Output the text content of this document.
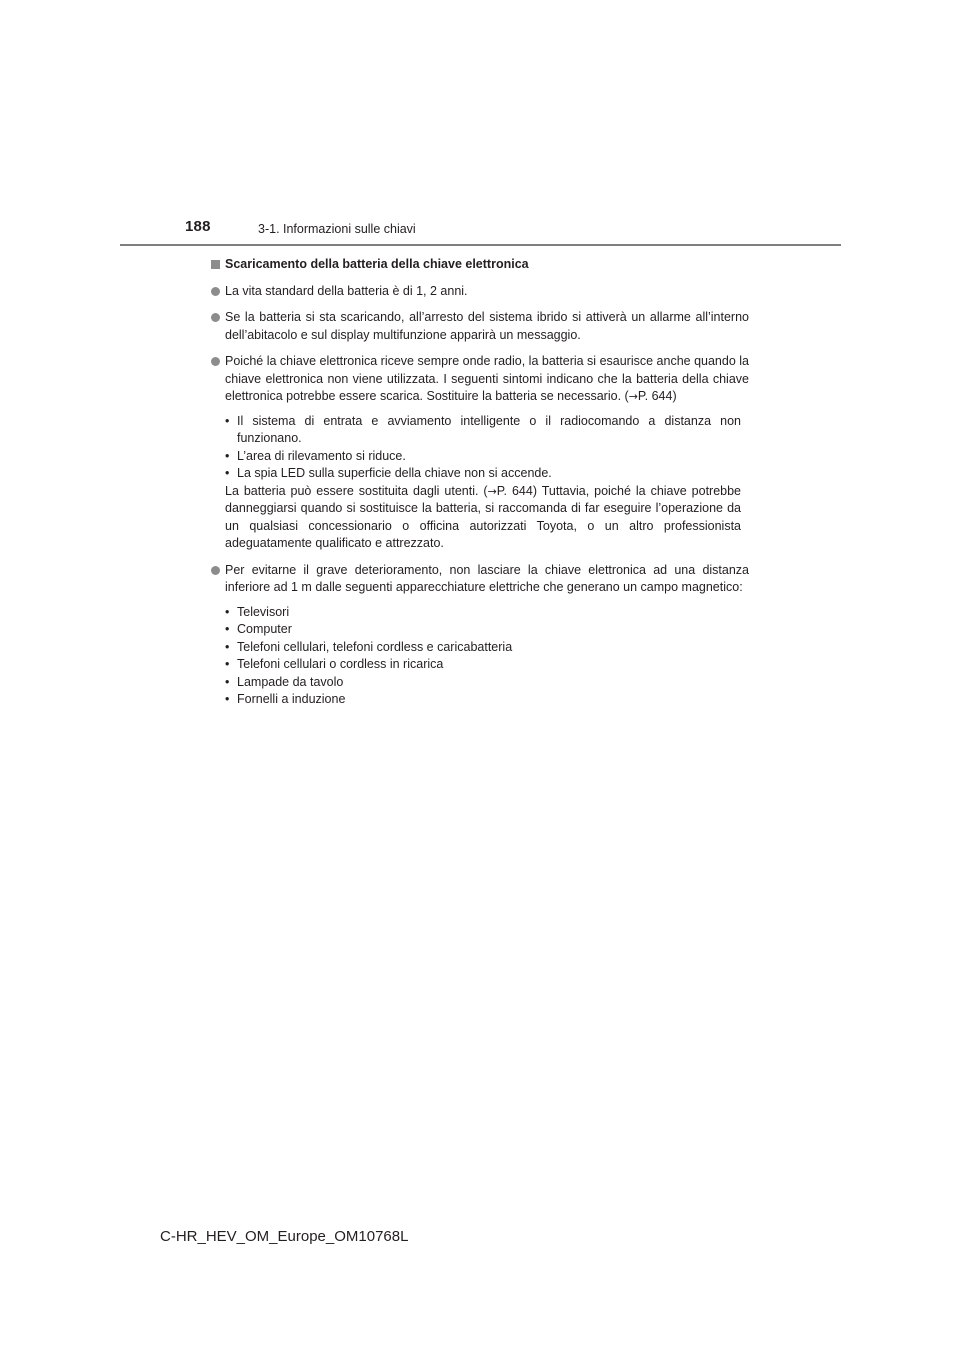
188	3-1. Informazioni sulle chiavi
Scaricamento della batteria della chiave elettronica
La vita standard della batteria è di 1, 2 anni.
Se la batteria si sta scaricando, all’arresto del sistema ibrido si attiverà un allarme all’interno dell’abitacolo e sul display multifunzione apparirà un messaggio.
Poiché la chiave elettronica riceve sempre onde radio, la batteria si esaurisce anche quando la chiave elettronica non viene utilizzata. I seguenti sintomi indicano che la batteria della chiave elettronica potrebbe essere scarica. Sostituire la batteria se necessario. (→P. 644)
• Il sistema di entrata e avviamento intelligente o il radiocomando a distanza non funzionano.
• L’area di rilevamento si riduce.
• La spia LED sulla superficie della chiave non si accende.
La batteria può essere sostituita dagli utenti. (→P. 644) Tuttavia, poiché la chiave potrebbe danneggiarsi quando si sostituisce la batteria, si raccomanda di far eseguire l’operazione da un qualsiasi concessionario o officina autorizzati Toyota, o un altro professionista adeguatamente qualificato e attrezzato.
Per evitarne il grave deterioramento, non lasciare la chiave elettronica ad una distanza inferiore ad 1 m dalle seguenti apparecchiature elettriche che generano un campo magnetico:
• Televisori
• Computer
• Telefoni cellulari, telefoni cordless e caricabatteria
• Telefoni cellulari o cordless in ricarica
• Lampade da tavolo
• Fornelli a induzione
C-HR_HEV_OM_Europe_OM10768L
